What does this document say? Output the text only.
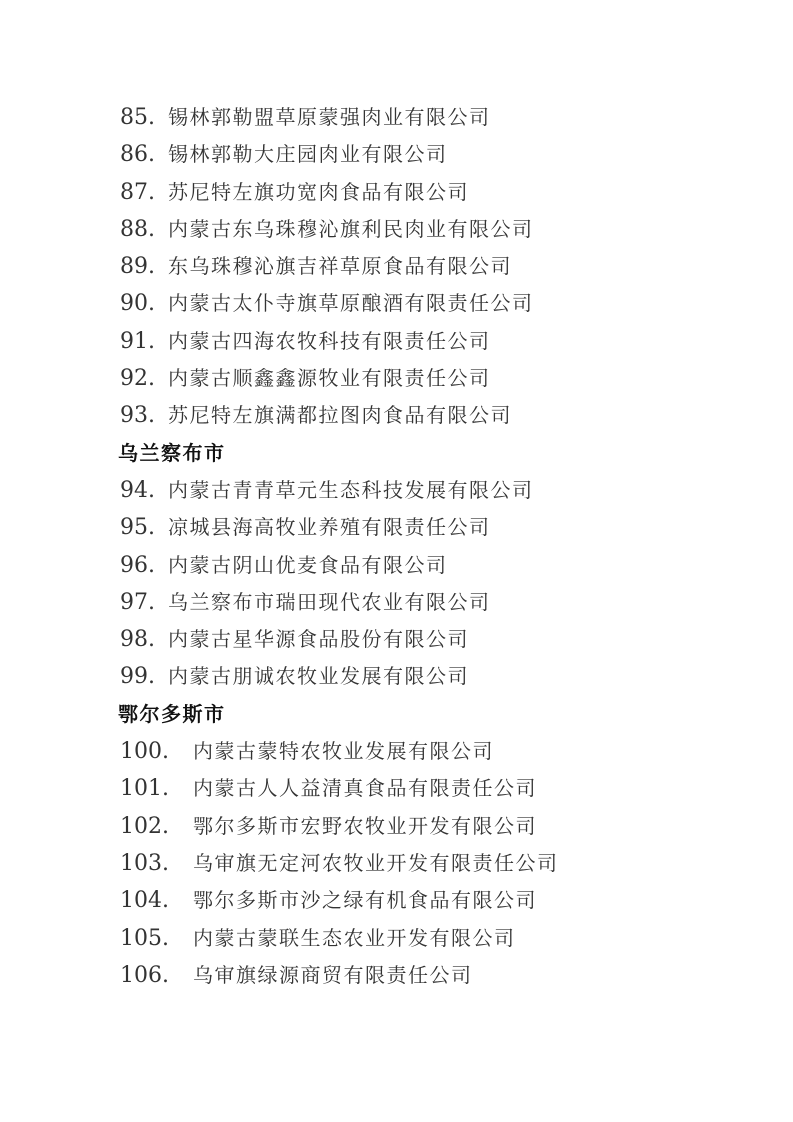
85. 锡林郭勒盟草原蒙强肉业有限公司
86. 锡林郭勒大庄园肉业有限公司
87. 苏尼特左旗功宽肉食品有限公司
88. 内蒙古东乌珠穆沁旗利民肉业有限公司
89. 东乌珠穆沁旗吉祥草原食品有限公司
90. 内蒙古太仆寺旗草原酿酒有限责任公司
91. 内蒙古四海农牧科技有限责任公司
92. 内蒙古顺鑫鑫源牧业有限责任公司
93. 苏尼特左旗满都拉图肉食品有限公司
乌兰察布市
94. 内蒙古青青草元生态科技发展有限公司
95. 凉城县海高牧业养殖有限责任公司
96. 内蒙古阴山优麦食品有限公司
97. 乌兰察布市瑞田现代农业有限公司
98. 内蒙古星华源食品股份有限公司
99. 内蒙古朋诚农牧业发展有限公司
鄂尔多斯市
100. 内蒙古蒙特农牧业发展有限公司
101. 内蒙古人人益清真食品有限责任公司
102. 鄂尔多斯市宏野农牧业开发有限公司
103. 乌审旗无定河农牧业开发有限责任公司
104. 鄂尔多斯市沙之绿有机食品有限公司
105. 内蒙古蒙联生态农业开发有限公司
106. 乌审旗绿源商贸有限责任公司
